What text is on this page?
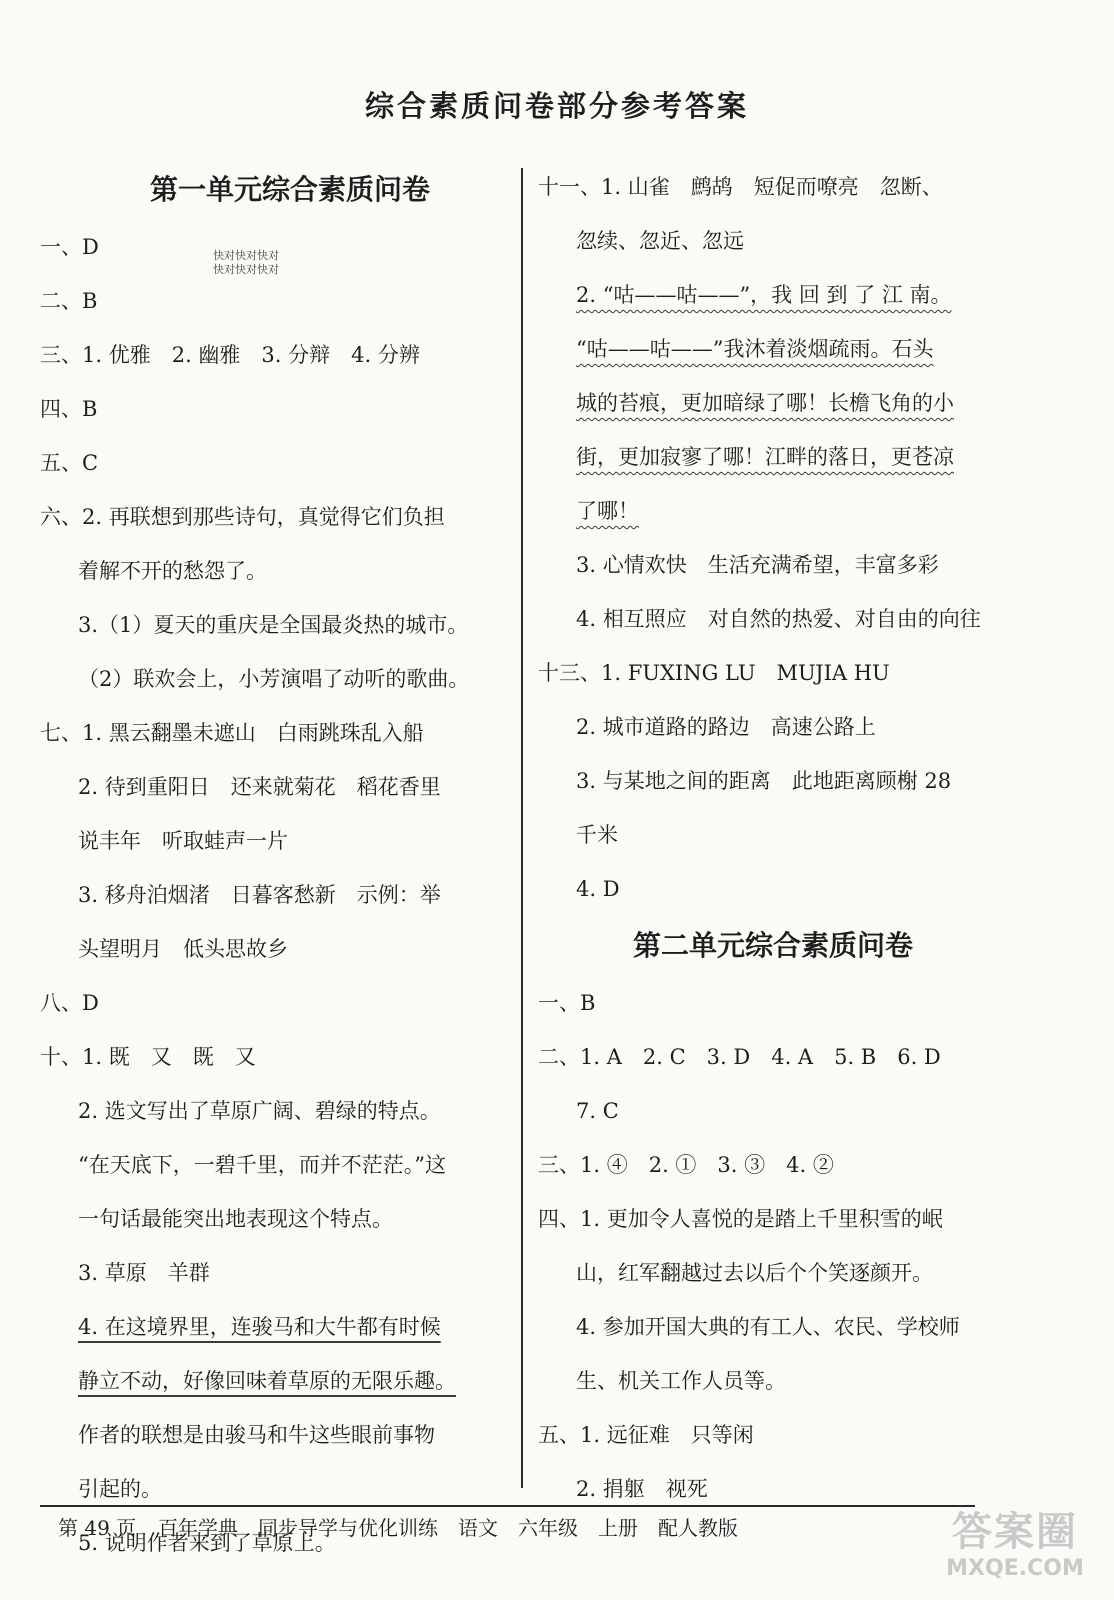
综合素质问卷部分参考答案
快对快对快对
快对快对快对
第一单元综合素质问卷
一、D
二、B
三、1. 优雅　2. 幽雅　3. 分辩　4. 分辨
四、B
五、C
六、2. 再联想到那些诗句，真觉得它们负担
着解不开的愁怨了。
3.（1）夏天的重庆是全国最炎热的城市。
（2）联欢会上，小芳演唱了动听的歌曲。
七、1. 黑云翻墨未遮山　白雨跳珠乱入船
2. 待到重阳日　还来就菊花　稻花香里
说丰年　听取蛙声一片
3. 移舟泊烟渚　日暮客愁新　示例：举
头望明月　低头思故乡
八、D
十、1. 既　又　既　又
2. 选文写出了草原广阔、碧绿的特点。
“在天底下，一碧千里，而并不茫茫。”这
一句话最能突出地表现这个特点。
3. 草原　羊群
4. 在这境界里，连骏马和大牛都有时候
静立不动，好像回味着草原的无限乐趣。
作者的联想是由骏马和牛这些眼前事物
引起的。
5. 说明作者来到了草原上。
十一、1. 山雀　鹧鸪　短促而嘹亮　忽断、
忽续、忽近、忽远
2. “咕——咕——”，我 回 到 了 江 南。
“咕——咕——”我沐着淡烟疏雨。石头
城的苔痕，更加暗绿了哪！长檐飞角的小
街，更加寂寥了哪！江畔的落日，更苍凉
了哪！
3. 心情欢快　生活充满希望，丰富多彩
4. 相互照应　对自然的热爱、对自由的向往
十三、1. FUXING LU　MUJIA HU
2. 城市道路的路边　高速公路上
3. 与某地之间的距离　此地距离顾榭 28
千米
4. D
第二单元综合素质问卷
一、B
二、1. A　2. C　3. D　4. A　5. B　6. D
7. C
三、1. ④　2. ①　3. ③　4. ②
四、1. 更加令人喜悦的是踏上千里积雪的岷
山，红军翻越过去以后个个笑逐颜开。
4. 参加开国大典的有工人、农民、学校师
生、机关工作人员等。
五、1. 远征难　只等闲
2. 捐躯　视死
第 49 页 百年学典　同步导学与优化训练　语文　六年级　上册　配人教版	答案圈
MXQE.COM
